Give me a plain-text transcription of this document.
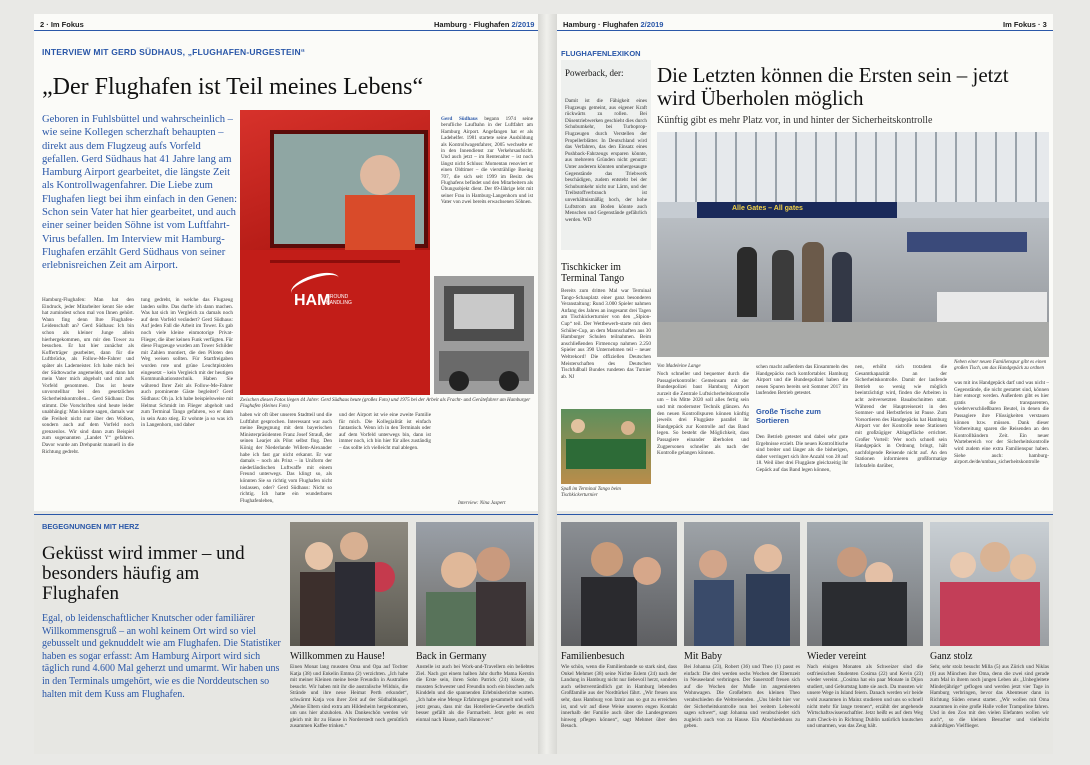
2 · Im Fokus	Hamburg · Flughafen 2/2019
INTERVIEW MIT GERD SÜDHAUS, „FLUGHAFEN-URGESTEIN“
„Der Flughafen ist Teil meines Lebens“
Geboren in Fuhlsbüttel und wahrscheinlich – wie seine Kollegen scherzhaft behaupten – direkt aus dem Flugzeug aufs Vorfeld gefallen. Gerd Südhaus hat 41 Jahre lang am Hamburg Airport gearbeitet, die längste Zeit als Kontrollwagenfahrer. Die Liebe zum Flughafen liegt bei ihm einfach in den Genen: Schon sein Vater hat hier gearbeitet, und auch einer seiner beiden Söhne ist vom Luftfahrt-Virus befallen. Im Interview mit Hamburg-Flughafen erzählt Gerd Südhaus von seiner erlebnisreichen Zeit am Airport.
HAM
GROUND
HANDLING
Gerd Südhaus begann 1974 seine berufliche Laufbahn in der Luftfahrt am Hamburg Airport. Angefangen hat er als Ladehelfer. 1981 startete seine Ausbildung als Kontrollwagenfahrer, 2005 wechselte er in den Innendienst zur Verkehrsaufsicht. Und auch jetzt – im Rentenalter – ist noch längst nicht Schluss: Momentan renoviert er einen Oldtimer – die vierstrählige Boeing 707, die sich seit 1999 im Besitz des Flughafens befindet und den Mitarbeitern als Übungsobjekt dient. Der 69-Jährige lebt mit seiner Frau in Hamburg-Langenhorn und ist Vater von zwei bereits erwachsenen Söhnen.
Zwischen diesen Fotos liegen 44 Jahre: Gerd Südhaus heute (großes Foto) und 1975 bei der Arbeit als Fracht- und Gerätefahrer am Hamburger Flughafen (kleines Foto)
Hamburg-Flughafen: Man hat den Eindruck, jeder Mitarbeiter kennt Sie oder hat zumindest schon mal von Ihnen gehört. Wann fing denn Ihre Flughafen-Leidenschaft an? Gerd Südhaus: Ich bin schon als kleiner Junge allein hierhergekommen, um mir den Tower zu besuchen. Er hat hier zunächst als Kofferträger gearbeitet, dann für die Luftbrücke, als Follow-Me-Fahrer und später als Lademeister. Ich habe mich bei der Südtowache angemeldet, und dann hat mein Vater mich abgeholt und mit aufs Vorfeld genommen. Das ist heute unvorstellbar bei den gesetzlichen Sicherheitskontrollen... Gerd Südhaus: Das stimmt. Die Vorschriften sind heute leider unabhängig: Man könnte sagen, damals war die Freiheit nicht nur über den Wolken, sondern auch auf dem Vorfeld noch grenzenlos. Wir sind dann zum Beispiel zum sogenannten „Landet Y“ gefahren. Davor wurde am Drehpunkt manuell in die Richtung gedreht.
tung gedreht, in welche das Flugzeug landen sollte. Das durfte ich dann machen. Was hat sich im Vergleich zu damals noch auf dem Vorfeld verändert? Gerd Südhaus: Auf jeden Fall die Arbeit im Tower. Es gab noch viele kleine einmotorige Privat-Flieger, die über keinen Funk verfügten. Für diese Flugzeuge wurden am Tower Schilder mit Zahlen montiert, die den Piloten den Weg weisen sollten. Für Startfreigaben wurden rote und grüne Leuchtpistolen eingesetzt – kein Vergleich mit der heutigen Kommunikationstechnik. Haben Sie während Ihrer Zeit als Follow-Me-Fahrer auch prominente Gäste begleitet? Gerd Südhaus: Oh ja. Ich habe beispielsweise mit Helmut Schmidt im Flieger abgeholt und zum Terminal Tango gefahren, wo er dann in sein Auto stieg. Er wohnte ja so was ich in Langenhorn, und daher
haben wir oft über unseren Stadtteil und die Luftfahrt gesprochen. Interessant war auch meine Begegnung mit dem bayerischen Ministerpräsidenten Franz Josef Strauß, der seinen Learjet als Pilot selbst flog. Den König der Niederlande Willem-Alexander habe ich fast gar nicht erkannt. Er war damals – noch als Prinz – in Uniform der niederländischen Luftwaffe mit einem Freund unterwegs. Das klingt so, als könnten Sie so richtig vom Flughafen nicht loslassen, oder? Gerd Südhaus: Nicht so richtig. Ich hatte ein wunderbares Flughafenleben,
und der Airport ist wie eine zweite Familie für mich. Die Kollegialität ist einfach fantastisch. Wenn ich in den Terminals oder auf dem Vorfeld unterwegs bin, dann ist immer noch, ich bin hier für alles zuständig – das sollte ich vielleicht mal ablegen.
Interview: Nina Jaspert
BEGEGNUNGEN MIT HERZ
Geküsst wird immer – und besonders häufig am Flughafen
Egal, ob leidenschaftlicher Knutscher oder familiärer Willkommensgruß – an wohl keinem Ort wird so viel gebusselt und geknuddelt wie am Flughafen. Die Statistiker haben es sogar erfasst: Am Hamburg Airport wird sich täglich rund 4.600 Mal geherzt und umarmt. Wir haben uns in den Terminals umgehört, wie es die Norddeutschen so halten mit dem Kuss am Flughafen.
Willkommen zu Hause!
Einen Monat lang mussten Oma und Opa auf Tochter Katja (38) und Enkelin Emma (2) verzichten. „Ich habe mit meiner Kleinen meine beste Freundin in Australien besucht. Wir haben mit ihr die australische Wildnis, die Strände und ihre neue Heimat Perth erkundet“, schwärmt Katja von ihrer Zeit auf der Südhalbkugel. „Meine Eltern sind extra am Hildesheim hergekommen, um uns hier abzuholen. Als Dankeschön werden wir gleich mit ihr zu Hause in Norderstedt noch gemütlich zusammen Kaffee trinken.“
Back in Germany
Anstelle ist auch bei Work-and-Travellern ein beliebtes Ziel. Nach gut einem halben Jahr durfte Mama Kerstin die Erste sein, ihren Sohn Patrick (24) küsste, da mussten Schwester und Freundin noch ein bisschen aufs Kinddeln und die spannenden Erlebnisberichte warten. „Ich habe eine Menge Erfahrungen gesammelt und weiß jetzt genau, dass mir das Hotellerie-Gewerbe deutlich besser gefällt als die Farmarbeit. Jetzt geht es erst einmal nach Hause, nach Hannover.“
Hamburg · Flughafen 2/2019	Im Fokus · 3
FLUGHAFENLEXIKON
Powerback, der:
Damit ist die Fähigkeit eines Flugzeugs gemeint, aus eigener Kraft rückwärts zu rollen. Bei Düsentriebwerken geschieht dies durch Schubumkehr, bei Turboprop-Flugzeugen durch Verstellen der Propellerblätter. In Deutschland wird das Verfahren, das den Einsatz eines Pushback-Fahrzeugs ersparen könnte, aus mehreren Gründen nicht genutzt: Unter anderem könnten umhergesaugte Gegenstände das Triebwerk beschädigen, zudem entsteht bei der Schubumkehr nicht nur Lärm, und der Treibstoffverbrauch ist unverhältnismäßig hoch, der hohe Luftstrom am Boden könnte auch Menschen und Gegenstände gefährlich werden. WD
Die Letzten können die Ersten sein – jetzt wird Überholen möglich
Künftig gibt es mehr Platz vor, in und hinter der Sicherheitskontrolle
Alle Gates – All gates
Tischkicker im Terminal Tango
Bereits zum dritten Mal war Terminal Tango-Schauplatz einer ganz besonderen Veranstaltung: Rund 3.000 Spieler nahmen Anfang des Jahres an insgesamt drei Tagen am Tischkickerturnier von den „Slpion-Cup“ teil. Der Wettbewerb-starte mit dem Schüler-Cup, an dem Mannschaften aus 30 Hamburger Schulen teilnahmen. Beim anschließenden Firmencup nahmen 2.250 Spieler aus 390 Unternehmen teil – neuer Weltrekord! Die offiziellen Deutschen Meisterschaften des Deutschen Tischfußball Bundes rundeten das Turnier ab. NJ
Spaß im Terminal Tango beim Tischkickerturnier
Von Madeleine Lange
Noch schneller und bequemer durch die Passagierkontrolle: Gemeinsam mit der Bundespolizei baut Hamburg Airport zurzeit die Zentrale Luftsicherheitskontrolle um – bis Mitte 2020 soll alles fertig sein und mit modernster Technik glänzen. An den neuen Kontrollspuren können künftig jeweils drei Fluggäste parallel ihr Handgepäck zur Kontrolle auf das Band legen. So besteht die Möglichkeit, dass Passagiere einander überholen und Zugpersonen schneller als nach der Kontrolle gelangen können.
schen macht außerdem das Einsammeln des Handgepäcks noch komfortabler. Hamburg Airport und die Bundespolizei haben die neuen Spuren bereits seit Sommer 2017 im laufenden Betrieb getestet.
Große Tische zum Sortieren
Den Betrieb getestet und dabei sehr gute Ergebnisse erzielt. Die neuen Kontrolltische sind breiter und länger als die bisherigen, daher verringert sich ihre Anzahl von 28 auf 18. Weil über drei Fluggäste gleichzeitig ihr Gepäck auf das Band legen können,
nen, erhöht sich trotzdem die Gesamtkapazität an der Sicherheitskontrolle. Damit der laufende Betrieb so wenig wie möglich beeinträchtigt wird, finden die Arbeiten in acht zeitversetzten Bauabschnitten statt. Während der Hauptreisezeit in den Sommer- und Herbstferien ist Pause. Zum Vorsortieren des Handgepäcks hat Hamburg Airport vor der Kontrolle neue Stationen mit großzügiger Ablagefläche errichtet. Großer Vorteil: Wer noch schnell sein Handgepäck in Ordnung bringt, hält nachfolgende Reisende nicht auf. An den Stationen informieren großformatige Infotafeln darüber,
Neben einer neuen Familienspur gibt es einen großen Tisch, um das Handgepäck zu ordnen
was mit ins Handgepäck darf und was nicht – Gegenstände, die nicht gestattet sind, können hier entsorgt werden. Außerdem gibt es hier gratis die transparenten, wiederverschließbaren Beutel, in denen die Passagiere ihre Flüssigkeiten verstauen können bzw. müssen. Dank dieser Vorbereitung sparen die Reisenden an den Kontrollbändern Zeit. Ein neuer Wartebereich vor der Sicherheitskontrolle wird zudem eine extra Familienspur haben. Siehe auch: hamburg-airport.de/de/umbau_sicherheitskontrolle
Familienbesuch
Wie schön, wenn die Familienbande so stark sind, dass Onkel Mehmet (38) seine Nichte Eslem (24) nach der Landung in Hamburg nicht nur liebevoll herzt, sondern auch selbstverständlich gut in Hamburg lebenden Großfamilie aus der Nordtürkei fährt. „Wir freuen uns sehr, dass Hamburg von Izmir aus so gut zu erreichen ist, und wir auf diese Weise unseren engen Kontakt innerhalb der Familie auch über die Landesgrenzen hinweg pflegen können“, sagt Mehmet über den Besuch.
Mit Baby
Bei Johanna (23), Robert (36) und Theo (1) passt es einfach: Die drei werden sechs Wochen der Elternzeit in Neuseeland verbringen. Der Sauerstoff freuen sich auf die Wochen der Muße im angemieteten Wohnwagen. Die Großeltern des kleinen Theo verabschieden die Weltreisenden. „Uns bleibt hier vor der Sicherheitskontrolle nun bei weitem Lebewohl sagen schwer“, sagt Johanna und verabschiedet sich zugleich auch von zu Hause. Ein Abschiedskuss zu geben.
Wieder vereint
Nach einigen Monaten als Schweizer sind die ostfriesischen Studenten Cosima (22) und Kevin (23) wieder vereint. „Cosima hat ein paar Monate in Dijon studiert, und Geburtstag hatte sie auch. Da mussten wir unsere Wege in Island feiern. Danach werden wir beide wohl zusammen in Mainz studieren und uns so schnell nicht mehr für lange trennen“, erzählt der angehende Wirtschaftswissenschaftler. Jetzt heißt es auf dem Weg zum Check-in in Richtung Dublin natürlich knutschen und umarmen, was das Zeug hält.
Ganz stolz
Sehr, sehr stolz besucht Milla (5) aus Zürich und Niklas (6) aus München ihre Oma, denn die zwei sind gerade zum Mal in ihrem noch jungen Leben als „Unbegleitete Minderjährige“ geflogen und werden jetzt vier Tage in Hamburg verbringen, bevor das Abenteuer dann in Richtung Süden erneut startet. „Wir wollen mit Oma zusammen in eine große Halle voller Trampoline fahren. Und in den Zoo mit den vielen Elefanten wollen wir auch“, so die kleinen Besucher und vielleicht zukünftigen Vielflieger.
